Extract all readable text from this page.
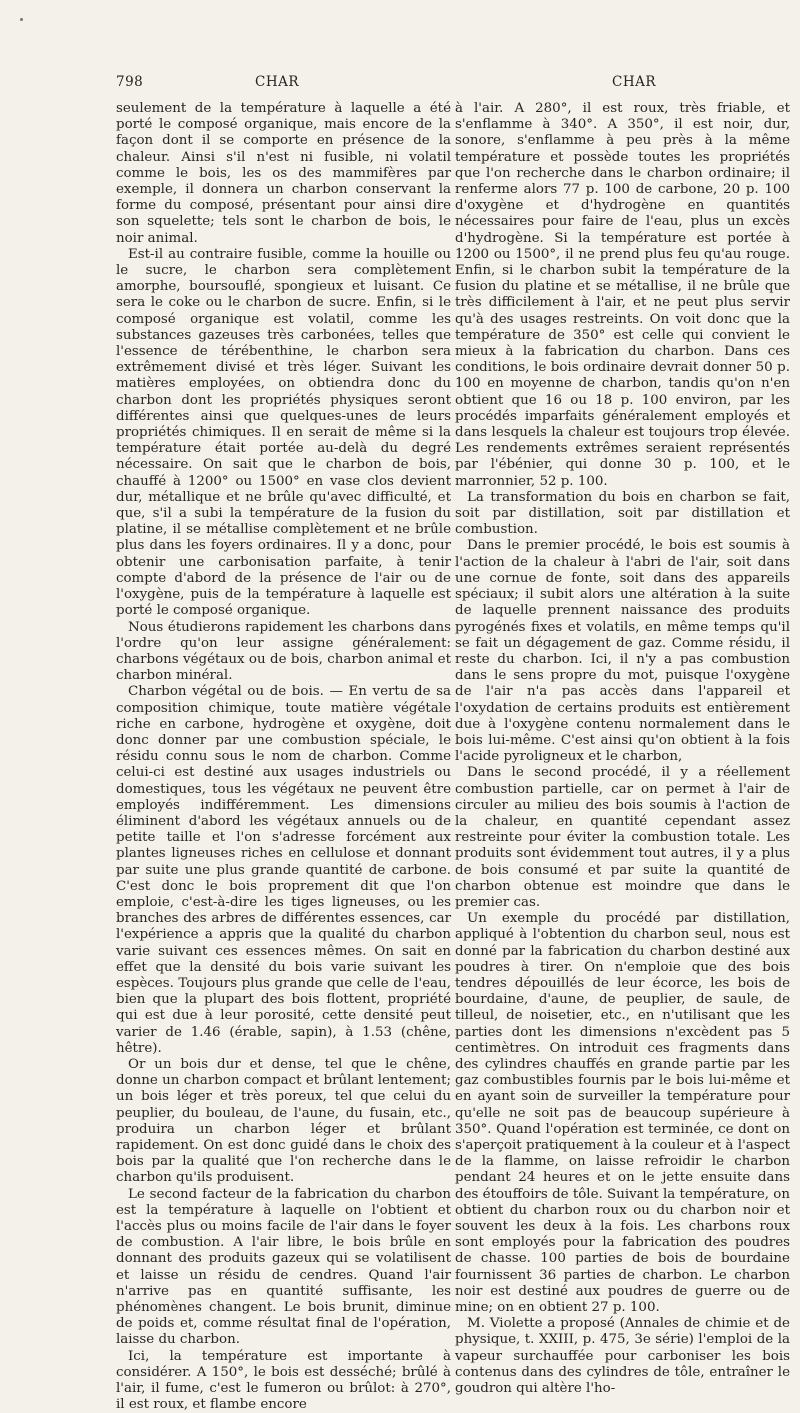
798	CHAR	CHAR

seulement de la température à laquelle a été porté le composé organique, mais encore de la façon dont il se comporte en présence de la chaleur. Ainsi s'il n'est ni fusible, ni volatil comme le bois, les os des mammifères par exemple, il donnera un charbon conservant la forme du composé, présentant pour ainsi dire son squelette; tels sont le charbon de bois, le noir animal.

Est-il au contraire fusible, comme la houille ou le sucre, le charbon sera complètement amorphe, boursouflé, spongieux et luisant. Ce sera le coke ou le charbon de sucre. Enfin, si le composé organique est volatil, comme les substances gazeuses très carbonées, telles que l'essence de térébenthine, le charbon sera extrêmement divisé et très léger. Suivant les matières employées, on obtiendra donc du charbon dont les propriétés physiques seront différentes ainsi que quelques-unes de leurs propriétés chimiques. Il en serait de même si la température était portée au-delà du degré nécessaire. On sait que le charbon de bois, chauffé à 1200° ou 1500° en vase clos devient dur, métallique et ne brûle qu'avec difficulté, et que, s'il a subi la température de la fusion du platine, il se métallise complètement et ne brûle plus dans les foyers ordinaires. Il y a donc, pour obtenir une carbonisation parfaite, à tenir compte d'abord de la présence de l'air ou de l'oxygène, puis de la température à laquelle est porté le composé organique.

Nous étudierons rapidement les charbons dans l'ordre qu'on leur assigne généralement: charbons végétaux ou de bois, charbon animal et charbon minéral.

Charbon végétal ou de bois. — En vertu de sa composition chimique, toute matière végétale riche en carbone, hydrogène et oxygène, doit donc donner par une combustion spéciale, le résidu connu sous le nom de charbon. Comme celui-ci est destiné aux usages industriels ou domestiques, tous les végétaux ne peuvent être employés indifféremment. Les dimensions éliminent d'abord les végétaux annuels ou de petite taille et l'on s'adresse forcément aux plantes ligneuses riches en cellulose et donnant par suite une plus grande quantité de carbone. C'est donc le bois proprement dit que l'on emploie, c'est-à-dire les tiges ligneuses, ou les branches des arbres de différentes essences, car l'expérience a appris que la qualité du charbon varie suivant ces essences mêmes. On sait en effet que la densité du bois varie suivant les espèces. Toujours plus grande que celle de l'eau, bien que la plupart des bois flottent, propriété qui est due à leur porosité, cette densité peut varier de 1.46 (érable, sapin), à 1.53 (chêne, hêtre).

Or un bois dur et dense, tel que le chêne, donne un charbon compact et brûlant lentement; un bois léger et très poreux, tel que celui du peuplier, du bouleau, de l'aune, du fusain, etc., produira un charbon léger et brûlant rapidement. On est donc guidé dans le choix des bois par la qualité que l'on recherche dans le charbon qu'ils produisent.

Le second facteur de la fabrication du charbon est la température à laquelle on l'obtient et l'accès plus ou moins facile de l'air dans le foyer de combustion. A l'air libre, le bois brûle en donnant des produits gazeux qui se volatilisent et laisse un résidu de cendres. Quand l'air n'arrive pas en quantité suffisante, les phénomènes changent. Le bois brunit, diminue de poids et, comme résultat final de l'opération, laisse du charbon.

Ici, la température est importante à considérer. A 150°, le bois est desséché; brûlé à l'air, il fume, c'est le fumeron ou brûlot: à 270°, il est roux, et flambe encore

à l'air. A 280°, il est roux, très friable, et s'enflamme à 340°. A 350°, il est noir, dur, sonore, s'enflamme à peu près à la même température et possède toutes les propriétés que l'on recherche dans le charbon ordinaire; il renferme alors 77 p. 100 de carbone, 20 p. 100 d'oxygène et d'hydrogène en quantités nécessaires pour faire de l'eau, plus un excès d'hydrogène. Si la température est portée à 1200 ou 1500°, il ne prend plus feu qu'au rouge. Enfin, si le charbon subit la température de la fusion du platine et se métallise, il ne brûle que très difficilement à l'air, et ne peut plus servir qu'à des usages restreints. On voit donc que la température de 350° est celle qui convient le mieux à la fabrication du charbon. Dans ces conditions, le bois ordinaire devrait donner 50 p. 100 en moyenne de charbon, tandis qu'on n'en obtient que 16 ou 18 p. 100 environ, par les procédés imparfaits généralement employés et dans lesquels la chaleur est toujours trop élevée. Les rendements extrêmes seraient représentés par l'ébénier, qui donne 30 p. 100, et le marronnier, 52 p. 100.

La transformation du bois en charbon se fait, soit par distillation, soit par distillation et combustion.

Dans le premier procédé, le bois est soumis à l'action de la chaleur à l'abri de l'air, soit dans une cornue de fonte, soit dans des appareils spéciaux; il subit alors une altération à la suite de laquelle prennent naissance des produits pyrogénés fixes et volatils, en même temps qu'il se fait un dégagement de gaz. Comme résidu, il reste du charbon. Ici, il n'y a pas combustion dans le sens propre du mot, puisque l'oxygène de l'air n'a pas accès dans l'appareil et l'oxydation de certains produits est entièrement due à l'oxygène contenu normalement dans le bois lui-même. C'est ainsi qu'on obtient à la fois l'acide pyroligneux et le charbon,

Dans le second procédé, il y a réellement combustion partielle, car on permet à l'air de circuler au milieu des bois soumis à l'action de la chaleur, en quantité cependant assez restreinte pour éviter la combustion totale. Les produits sont évidemment tout autres, il y a plus de bois consumé et par suite la quantité de charbon obtenue est moindre que dans le premier cas.

Un exemple du procédé par distillation, appliqué à l'obtention du charbon seul, nous est donné par la fabrication du charbon destiné aux poudres à tirer. On n'emploie que des bois tendres dépouillés de leur écorce, les bois de bourdaine, d'aune, de peuplier, de saule, de tilleul, de noisetier, etc., en n'utilisant que les parties dont les dimensions n'excèdent pas 5 centimètres. On introduit ces fragments dans des cylindres chauffés en grande partie par les gaz combustibles fournis par le bois lui-même et en ayant soin de surveiller la température pour qu'elle ne soit pas de beaucoup supérieure à 350°. Quand l'opération est terminée, ce dont on s'aperçoit pratiquement à la couleur et à l'aspect de la flamme, on laisse refroidir le charbon pendant 24 heures et on le jette ensuite dans des étouffoirs de tôle. Suivant la température, on obtient du charbon roux ou du charbon noir et souvent les deux à la fois. Les charbons roux sont employés pour la fabrication des poudres de chasse. 100 parties de bois de bourdaine fournissent 36 parties de charbon. Le charbon noir est destiné aux poudres de guerre ou de mine; on en obtient 27 p. 100.

M. Violette a proposé (Annales de chimie et de physique, t. XXIII, p. 475, 3e série) l'emploi de la vapeur surchauffée pour carboniser les bois contenus dans des cylindres de tôle, entraîner le goudron qui altère l'ho-
